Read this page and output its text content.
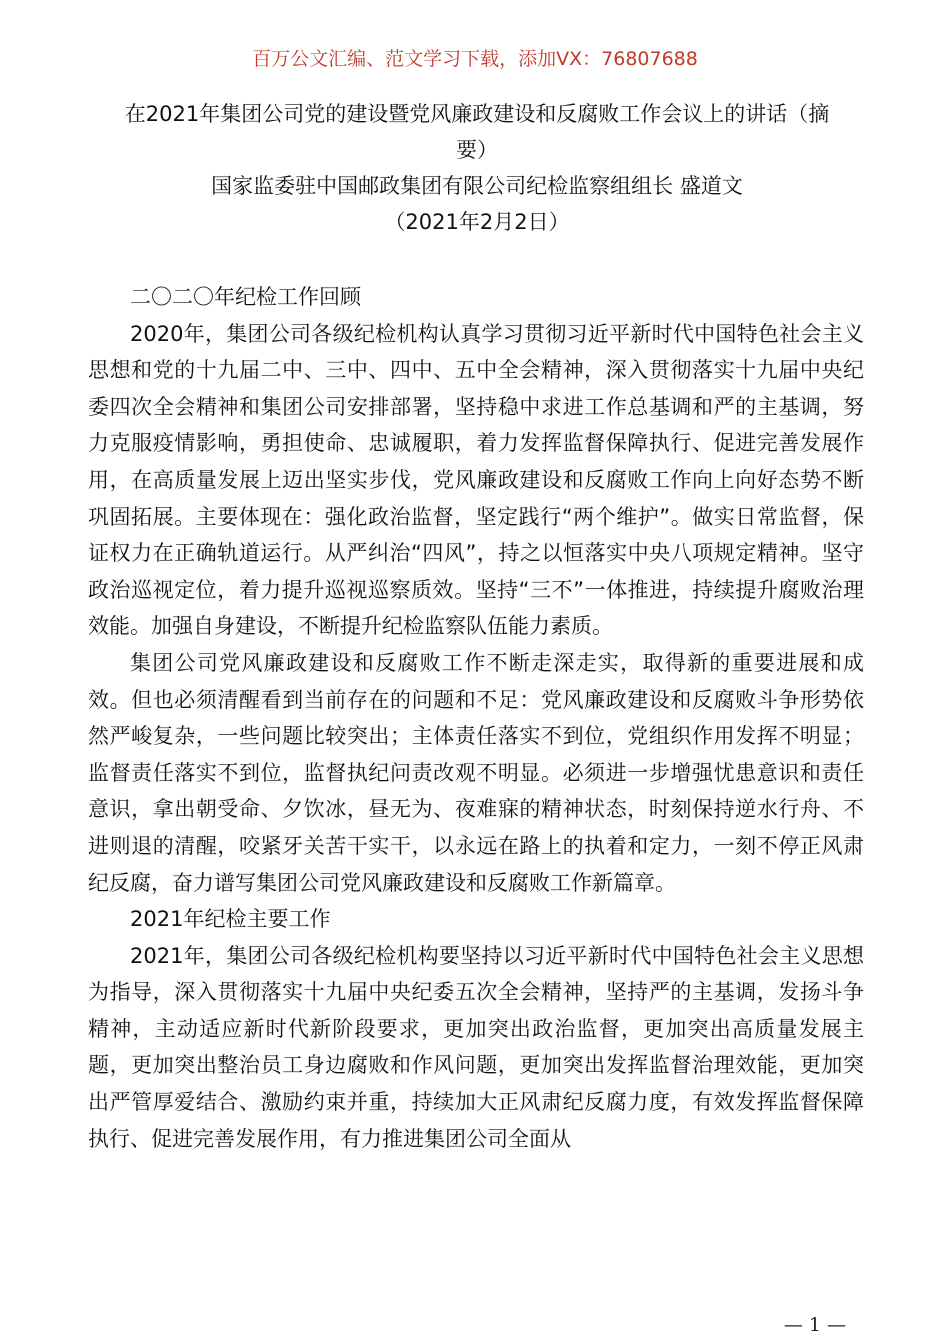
百万公文汇编、范文学习下载，添加VX：76807688
在2021年集团公司党的建设暨党风廉政建设和反腐败工作会议上的讲话（摘
要）
国家监委驻中国邮政集团有限公司纪检监察组组长 盛道文
（2021年2月2日）

二〇二〇年纪检工作回顾

2020年，集团公司各级纪检机构认真学习贯彻习近平新时代中国特色社会主义思想和党的十九届二中、三中、四中、五中全会精神，深入贯彻落实十九届中央纪委四次全会精神和集团公司安排部署，坚持稳中求进工作总基调和严的主基调，努力克服疫情影响，勇担使命、忠诚履职，着力发挥监督保障执行、促进完善发展作用，在高质量发展上迈出坚实步伐，党风廉政建设和反腐败工作向上向好态势不断巩固拓展。主要体现在：强化政治监督，坚定践行“两个维护”。做实日常监督，保证权力在正确轨道运行。从严纠治“四风”，持之以恒落实中央八项规定精神。坚守政治巡视定位，着力提升巡视巡察质效。坚持“三不”一体推进，持续提升腐败治理效能。加强自身建设，不断提升纪检监察队伍能力素质。

集团公司党风廉政建设和反腐败工作不断走深走实，取得新的重要进展和成效。但也必须清醒看到当前存在的问题和不足：党风廉政建设和反腐败斗争形势依然严峻复杂，一些问题比较突出；主体责任落实不到位，党组织作用发挥不明显；监督责任落实不到位，监督执纪问责改观不明显。必须进一步增强忧患意识和责任意识，拿出朝受命、夕饮冰，昼无为、夜难寐的精神状态，时刻保持逆水行舟、不进则退的清醒，咬紧牙关苦干实干，以永远在路上的执着和定力，一刻不停正风肃纪反腐，奋力谱写集团公司党风廉政建设和反腐败工作新篇章。

2021年纪检主要工作

2021年，集团公司各级纪检机构要坚持以习近平新时代中国特色社会主义思想为指导，深入贯彻落实十九届中央纪委五次全会精神，坚持严的主基调，发扬斗争精神，主动适应新时代新阶段要求，更加突出政治监督，更加突出高质量发展主题，更加突出整治员工身边腐败和作风问题，更加突出发挥监督治理效能，更加突出严管厚爱结合、激励约束并重，持续加大正风肃纪反腐力度，有效发挥监督保障执行、促进完善发展作用，有力推进集团公司全面从

— 1 —
